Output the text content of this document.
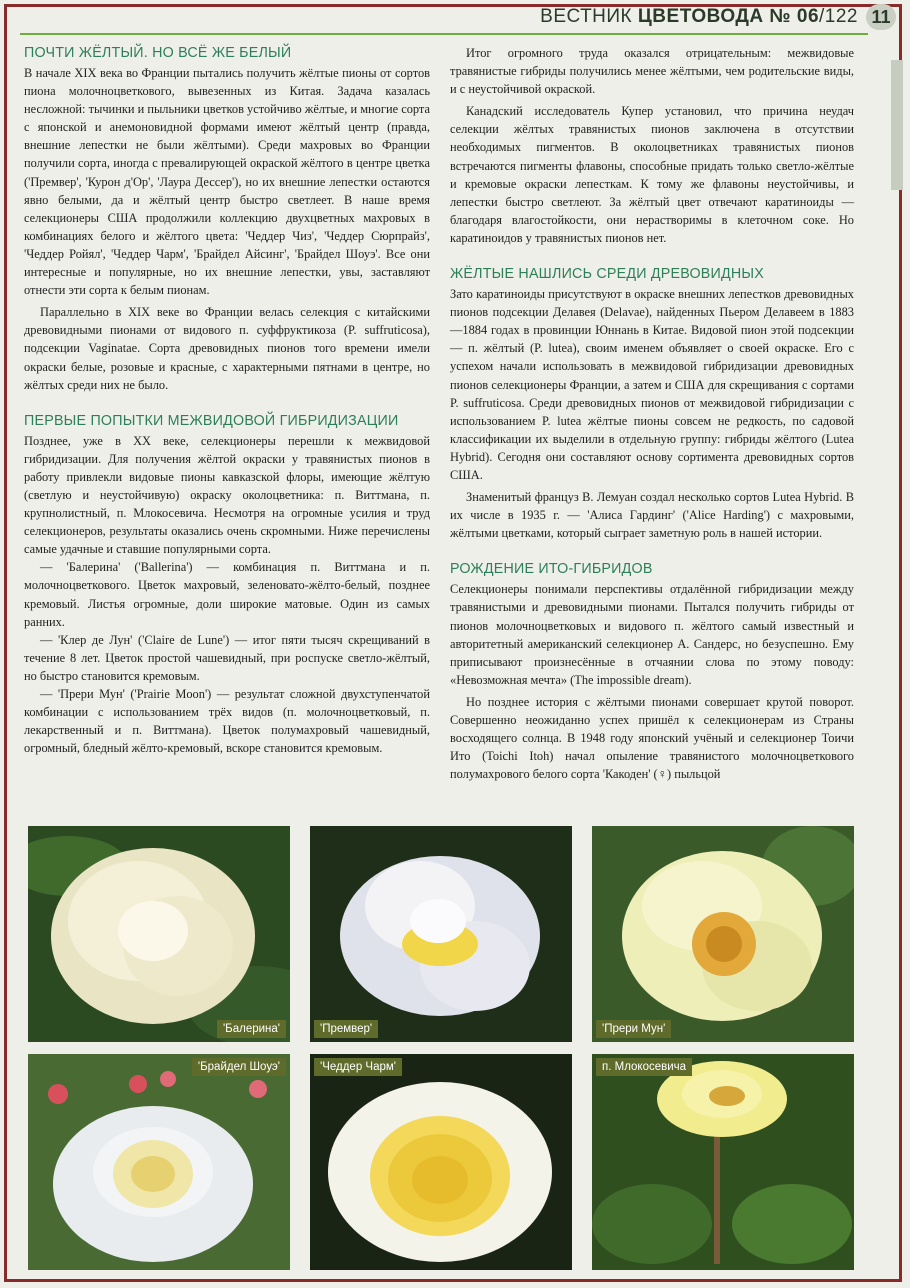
ВЕСТНИК ЦВЕТОВОДА № 06/122 11
ПОЧТИ ЖЁЛТЫЙ. НО ВСЁ ЖЕ БЕЛЫЙ

В начале XIX века во Франции пытались получить жёлтые пионы от сортов пиона молочноцветкового, вывезенных из Китая. Задача казалась несложной: тычинки и пыльники цветков устойчиво жёлтые, и многие сорта с японской и анемоновидной формами имеют жёлтый центр (правда, внешние лепестки не были жёлтыми). Среди махровых во Франции получили сорта, иногда с превалирующей окраской жёлтого в центре цветка ('Премвер', 'Курон д'Ор', 'Лаура Дессер'), но их внешние лепестки остаются явно белыми, да и жёлтый центр быстро светлеет. В наше время селекционеры США продолжили коллекцию двухцветных махровых в комбинациях белого и жёлтого цвета: 'Чеддер Чиз', 'Чеддер Сюрпрайз', 'Чеддер Ройял', 'Чеддер Чарм', 'Брайдел Айсинг', 'Брайдел Шоуэ'. Все они интересные и популярные, но их внешние лепестки, увы, заставляют отнести эти сорта к белым пионам.

Параллельно в XIX веке во Франции велась селекция с китайскими древовидными пионами от видового п. суффруктикоза (P. suffruticosa), подсекции Vaginatae. Сорта древовидных пионов того времени имели окраски белые, розовые и красные, с характерными пятнами в центре, но жёлтых среди них не было.

ПЕРВЫЕ ПОПЫТКИ МЕЖВИДОВОЙ ГИБРИДИЗАЦИИ

Позднее, уже в XX веке, селекционеры перешли к межвидовой гибридизации. Для получения жёлтой окраски у травянистых пионов в работу привлекли видовые пионы кавказской флоры, имеющие жёлтую (светлую и неустойчивую) окраску околоцветника: п. Виттмана, п. крупнолистный, п. Млокосевича. Несмотря на огромные усилия и труд селекционеров, результаты оказались очень скромными. Ниже перечислены самые удачные и ставшие популярными сорта.

— 'Балерина' ('Ballerina') — комбинация п. Виттмана и п. молочноцветкового. Цветок махровый, зеленовато-жёлто-белый, позднее кремовый. Листья огромные, доли широкие матовые. Один из самых ранних.

— 'Клер де Лун' ('Claire de Lune') — итог пяти тысяч скрещиваний в течение 8 лет. Цветок простой чашевидный, при роспуске светло-жёлтый, но быстро становится кремовым.

— 'Прери Мун' ('Prairie Moon') — результат сложной двухступенчатой комбинации с использованием трёх видов (п. молочноцветковый, п. лекарственный и п. Виттмана). Цветок полумахровый чашевидный, огромный, бледный жёлто-кремовый, вскоре становится кремовым.

Итог огромного труда оказался отрицательным: межвидовые травянистые гибриды получились менее жёлтыми, чем родительские виды, и с неустойчивой окраской.

Канадский исследователь Купер установил, что причина неудач селекции жёлтых травянистых пионов заключена в отсутствии необходимых пигментов. В околоцветниках травянистых пионов встречаются пигменты флавоны, способные придать только светло-жёлтые и кремовые окраски лепесткам. К тому же флавоны неустойчивы, и лепестки быстро светлеют. За жёлтый цвет отвечают каратиноиды — благодаря влагостойкости, они нерастворимы в клеточном соке. Но каратиноидов у травянистых пионов нет.

ЖЁЛТЫЕ НАШЛИСЬ СРЕДИ ДРЕВОВИДНЫХ

Зато каратиноиды присутствуют в окраске внешних лепестков древовидных пионов подсекции Делавея (Delavae), найденных Пьером Делавеем в 1883—1884 годах в провинции Юннань в Китае. Видовой пион этой подсекции — п. жёлтый (P. lutea), своим именем объявляет о своей окраске. Его с успехом начали использовать в межвидовой гибридизации древовидных пионов селекционеры Франции, а затем и США для скрещивания с сортами P. suffruticosa. Среди древовидных пионов от межвидовой гибридизации с использованием P. lutea жёлтые пионы совсем не редкость, по садовой классификации их выделили в отдельную группу: гибриды жёлтого (Lutea Hybrid). Сегодня они составляют основу сортимента древовидных сортов США.

Знаменитый француз В. Лемуан создал несколько сортов Lutea Hybrid. В их числе в 1935 г. — 'Алиса Гардинг' ('Alice Harding') с махровыми, жёлтыми цветками, который сыграет заметную роль в нашей истории.

РОЖДЕНИЕ ИТО-ГИБРИДОВ

Селекционеры понимали перспективы отдалённой гибридизации между травянистыми и древовидными пионами. Пытался получить гибриды от пионов молочноцветковых и видового п. жёлтого самый известный и авторитетный американский селекционер А. Сандерс, но безуспешно. Ему приписывают произнесённые в отчаянии слова по этому поводу: «Невозможная мечта» (The impossible dream).

Но позднее история с жёлтыми пионами совершает крутой поворот. Совершенно неожиданно успех пришёл к селекционерам из Страны восходящего солнца. В 1948 году японский учёный и селекционер Тоичи Ито (Toichi Itoh) начал опыление травянистого молочноцветкового полумахрового белого сорта 'Какоден' (♀) пыльцой

'Балерина'	'Премвер'	'Прери Мун'
'Брайдел Шоуэ'	'Чеддер Чарм'	п. Млокосевича
